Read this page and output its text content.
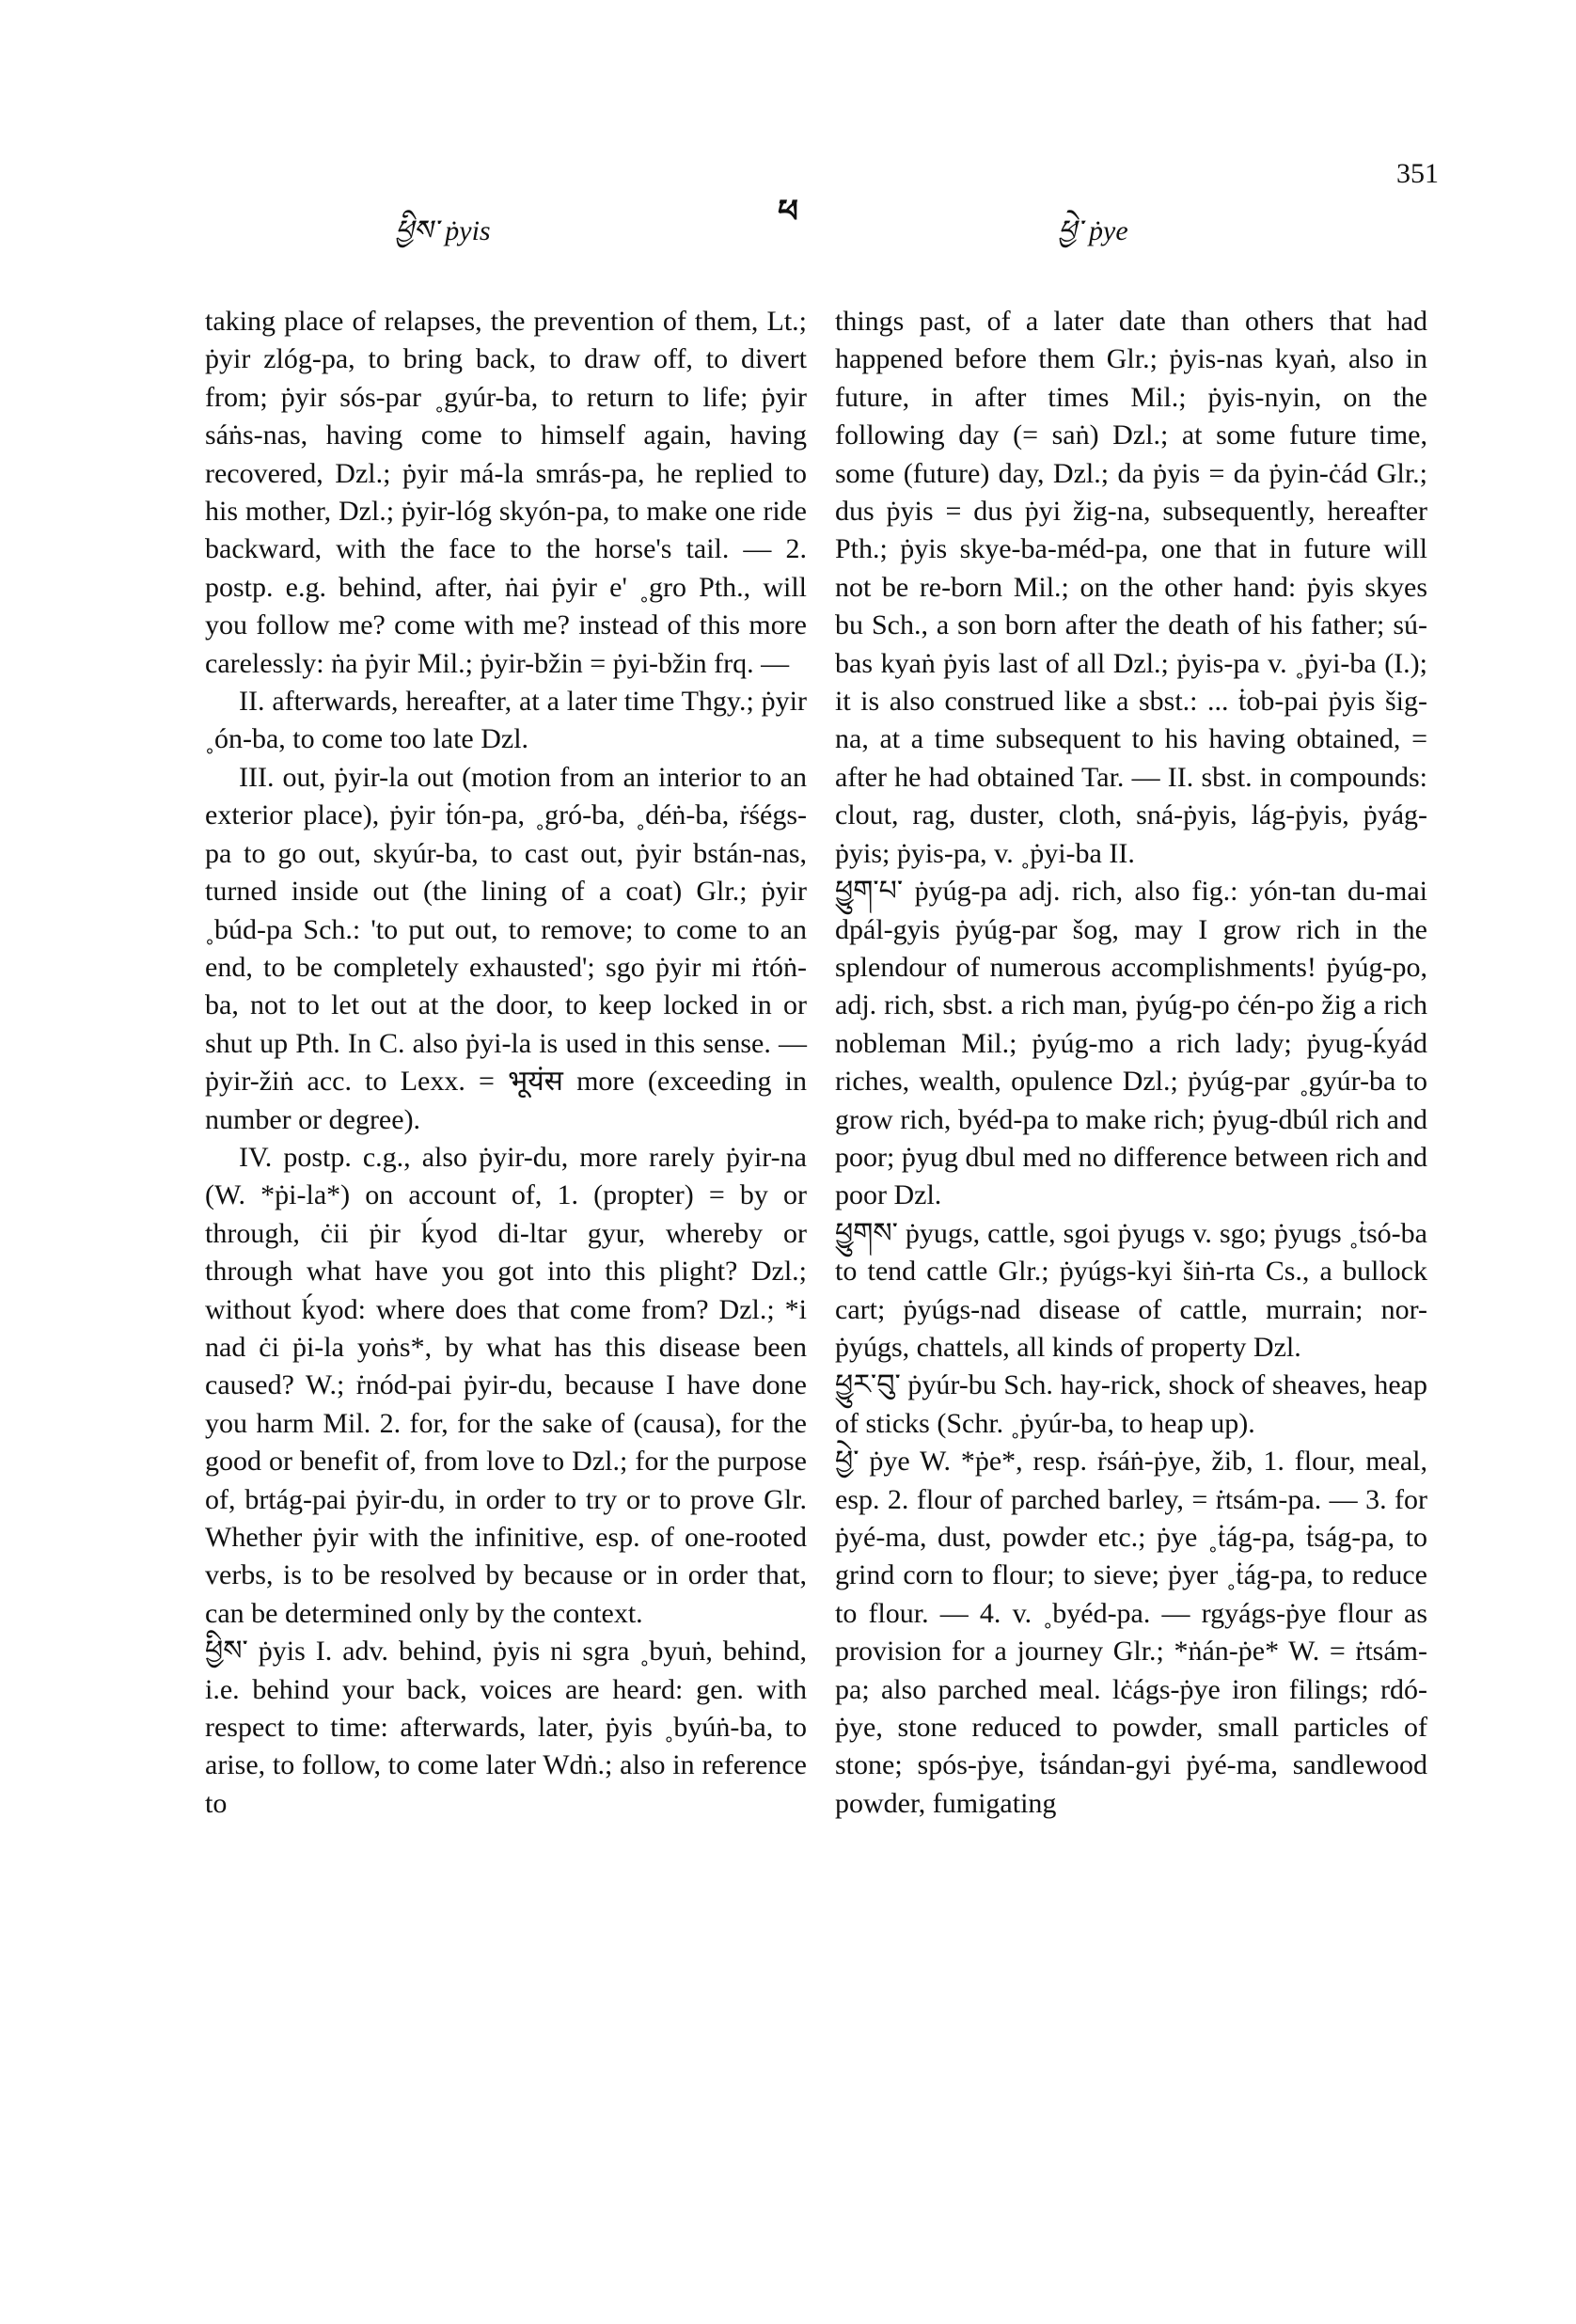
351
ཕ
ཕྱིས་ ṗyis	ཕྱེ་ ṗye

taking place of relapses, the prevention of them, Lt.; ṗyir zlóg-pa, to bring back, to draw off, to divert from; ṗyir sós-par ˳gyúr-ba, to return to life; ṗyir sáṅs-nas, having come to himself again, having recovered, Dzl.; ṗyir má-la smrás-pa, he replied to his mother, Dzl.; ṗyir-lóg skyón-pa, to make one ride backward, with the face to the horse's tail. — 2. postp. e.g. behind, after, ṅai ṗyir e' ˳gro Pth., will you follow me? come with me? instead of this more carelessly: ṅa ṗyir Mil.; ṗyir-bžin = ṗyi-bžin frq. —

II. afterwards, hereafter, at a later time Thgy.; ṗyir ˳ón-ba, to come too late Dzl.

III. out, ṗyir-la out (motion from an interior to an exterior place), ṗyir ṫón-pa, ˳gró-ba, ˳déṅ-ba, ṙśégs-pa to go out, skyúr-ba, to cast out, ṗyir bstán-nas, turned inside out (the lining of a coat) Glr.; ṗyir ˳búd-pa Sch.: 'to put out, to remove; to come to an end, to be completely exhausted'; sgo ṗyir mi ṙtóṅ-ba, not to let out at the door, to keep locked in or shut up Pth. In C. also ṗyi-la is used in this sense. — ṗyir-žiṅ acc. to Lexx. = भूयंस more (exceeding in number or degree).

IV. postp. c.g., also ṗyir-du, more rarely ṗyir-na (W. *ṗi-la*) on account of, 1. (propter) = by or through, ċii ṗir ḱyod di-ltar gyur, whereby or through what have you got into this plight? Dzl.; without ḱyod: where does that come from? Dzl.; *i nad ċi ṗi-la yoṅs*, by what has this disease been caused? W.; ṙnód-pai ṗyir-du, because I have done you harm Mil. 2. for, for the sake of (causa), for the good or benefit of, from love to Dzl.; for the purpose of, brtág-pai ṗyir-du, in order to try or to prove Glr. Whether ṗyir with the infinitive, esp. of one-rooted verbs, is to be resolved by because or in order that, can be determined only by the context.

ཕྱིས་ ṗyis I. adv. behind, ṗyis ni sgra ˳byuṅ, behind, i.e. behind your back, voices are heard: gen. with respect to time: afterwards, later, ṗyis ˳byúṅ-ba, to arise, to follow, to come later Wdṅ.; also in reference to

things past, of a later date than others that had happened before them Glr.; ṗyis-nas kyaṅ, also in future, in after times Mil.; ṗyis-nyin, on the following day (= saṅ) Dzl.; at some future time, some (future) day, Dzl.; da ṗyis = da ṗyin-ċád Glr.; dus ṗyis = dus ṗyi žig-na, subsequently, hereafter Pth.; ṗyis skye-ba-méd-pa, one that in future will not be re-born Mil.; on the other hand: ṗyis skyes bu Sch., a son born after the death of his father; sú-bas kyaṅ ṗyis last of all Dzl.; ṗyis-pa v. ˳ṗyi-ba (I.); it is also construed like a sbst.: ... ṫob-pai ṗyis šig-na, at a time subsequent to his having obtained, = after he had obtained Tar. — II. sbst. in compounds: clout, rag, duster, cloth, sná-ṗyis, lág-ṗyis, ṗyág-ṗyis; ṗyis-pa, v. ˳ṗyi-ba II.

ཕྱུག་པ་ ṗyúg-pa adj. rich, also fig.: yón-tan du-mai dpál-gyis ṗyúg-par šog, may I grow rich in the splendour of numerous accomplishments! ṗyúg-po, adj. rich, sbst. a rich man, ṗyúg-po ċén-po žig a rich nobleman Mil.; ṗyúg-mo a rich lady; ṗyug-ḱyád riches, wealth, opulence Dzl.; ṗyúg-par ˳gyúr-ba to grow rich, byéd-pa to make rich; ṗyug-dbúl rich and poor; ṗyug dbul med no difference between rich and poor Dzl.

ཕྱུགས་ ṗyugs, cattle, sgoi ṗyugs v. sgo; ṗyugs ˳ṫsó-ba to tend cattle Glr.; ṗyúgs-kyi šiṅ-rta Cs., a bullock cart; ṗyúgs-nad disease of cattle, murrain; nor-ṗyúgs, chattels, all kinds of property Dzl.

ཕྱུར་བུ་ ṗyúr-bu Sch. hay-rick, shock of sheaves, heap of sticks (Schr. ˳ṗyúr-ba, to heap up).

ཕྱེ་ ṗye W. *ṗe*, resp. ṙsáṅ-ṗye, žib, 1. flour, meal, esp. 2. flour of parched barley, = ṙtsám-pa. — 3. for ṗyé-ma, dust, powder etc.; ṗye ˳ṫág-pa, ṫság-pa, to grind corn to flour; to sieve; ṗyer ˳ṫág-pa, to reduce to flour. — 4. v. ˳byéd-pa. — rgyágs-ṗye flour as provision for a journey Glr.; *ṅán-ṗe* W. = ṙtsám-pa; also parched meal. lċágs-ṗye iron filings; rdó-ṗye, stone reduced to powder, small particles of stone; spós-ṗye, ṫsándan-gyi ṗyé-ma, sandlewood powder, fumigating
